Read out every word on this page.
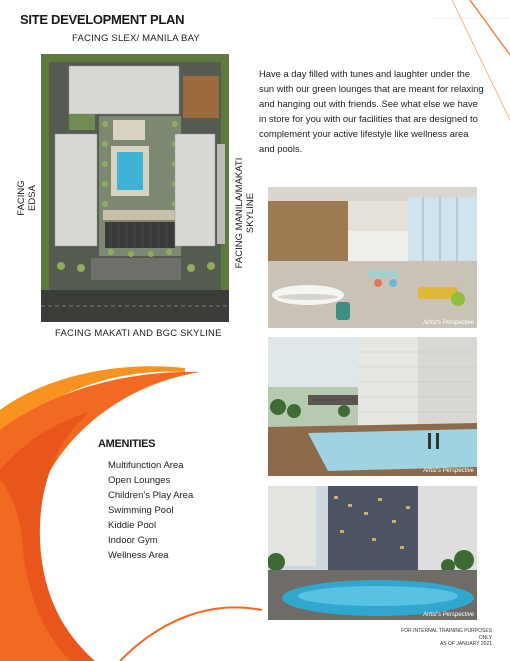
SITE DEVELOPMENT PLAN
FACING SLEX/ MANILA BAY
FACING EDSA	FACING MANILA/MAKATI SKYLINE
FACING MAKATI AND BGC SKYLINE
Have a day filled with tunes and laughter under the sun with our green lounges that are meant for relaxing and hanging out with friends. See what else we have in store for you with our facilities that are designed to complement your active lifestyle like wellness area and pools.
Artist's Perspective
Artist's Perspective
Artist's Perspective
AMENITIES
Multifunction Area
Open Lounges
Children's Play Area
Swimming Pool
Kiddie Pool
Indoor Gym
Wellness Area
FOR INTERNAL TRAINING PURPOSES ONLY
AS OF JANUARY 2021
